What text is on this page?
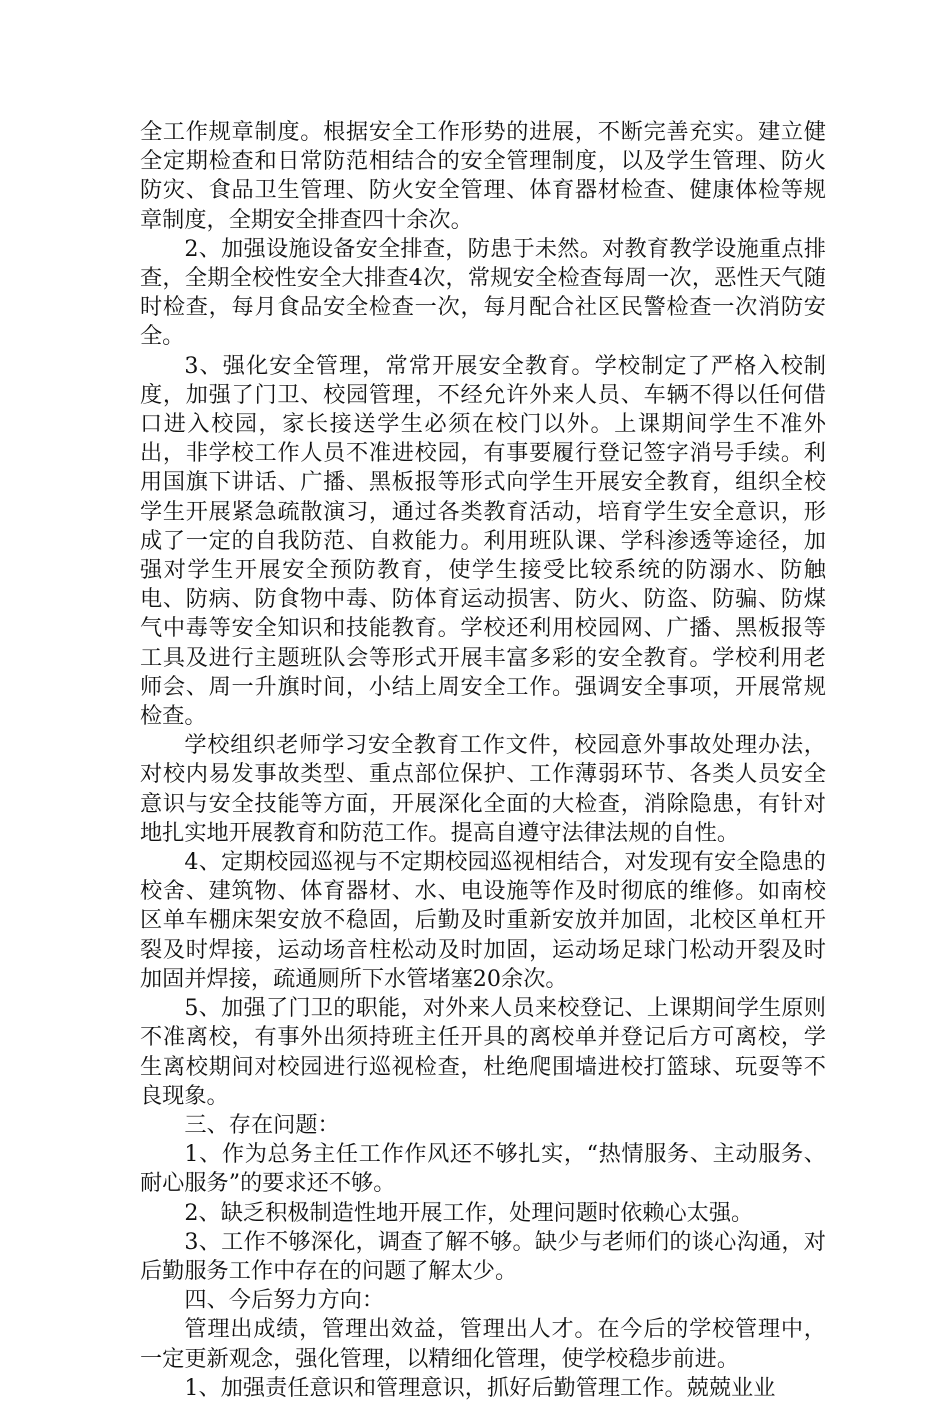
全工作规章制度。根据安全工作形势的进展，不断完善充实。建立健全定期检查和日常防范相结合的安全管理制度，以及学生管理、防火防灾、食品卫生管理、防火安全管理、体育器材检查、健康体检等规章制度，全期安全排查四十余次。

2、加强设施设备安全排查，防患于未然。对教育教学设施重点排查，全期全校性安全大排查4次，常规安全检查每周一次，恶性天气随时检查，每月食品安全检查一次，每月配合社区民警检查一次消防安全。

3、强化安全管理，常常开展安全教育。学校制定了严格入校制度，加强了门卫、校园管理，不经允许外来人员、车辆不得以任何借口进入校园，家长接送学生必须在校门以外。上课期间学生不准外出，非学校工作人员不准进校园，有事要履行登记签字消号手续。利用国旗下讲话、广播、黑板报等形式向学生开展安全教育，组织全校学生开展紧急疏散演习，通过各类教育活动，培育学生安全意识，形成了一定的自我防范、自救能力。利用班队课、学科渗透等途径，加强对学生开展安全预防教育，使学生接受比较系统的防溺水、防触电、防病、防食物中毒、防体育运动损害、防火、防盗、防骗、防煤气中毒等安全知识和技能教育。学校还利用校园网、广播、黑板报等工具及进行主题班队会等形式开展丰富多彩的安全教育。学校利用老师会、周一升旗时间，小结上周安全工作。强调安全事项，开展常规检查。

学校组织老师学习安全教育工作文件，校园意外事故处理办法，对校内易发事故类型、重点部位保护、工作薄弱环节、各类人员安全意识与安全技能等方面，开展深化全面的大检查，消除隐患，有针对地扎实地开展教育和防范工作。提高自遵守法律法规的自性。

4、定期校园巡视与不定期校园巡视相结合，对发现有安全隐患的校舍、建筑物、体育器材、水、电设施等作及时彻底的维修。如南校区单车棚床架安放不稳固，后勤及时重新安放并加固，北校区单杠开裂及时焊接，运动场音柱松动及时加固，运动场足球门松动开裂及时加固并焊接，疏通厕所下水管堵塞20余次。

5、加强了门卫的职能，对外来人员来校登记、上课期间学生原则不准离校，有事外出须持班主任开具的离校单并登记后方可离校，学生离校期间对校园进行巡视检查，杜绝爬围墙进校打篮球、玩耍等不良现象。

三、存在问题：

1、作为总务主任工作作风还不够扎实，“热情服务、主动服务、耐心服务”的要求还不够。

2、缺乏积极制造性地开展工作，处理问题时依赖心太强。

3、工作不够深化，调查了解不够。缺少与老师们的谈心沟通，对后勤服务工作中存在的问题了解太少。

四、今后努力方向：

管理出成绩，管理出效益，管理出人才。在今后的学校管理中，一定更新观念，强化管理，以精细化管理，使学校稳步前进。

1、加强责任意识和管理意识，抓好后勤管理工作。兢兢业业
